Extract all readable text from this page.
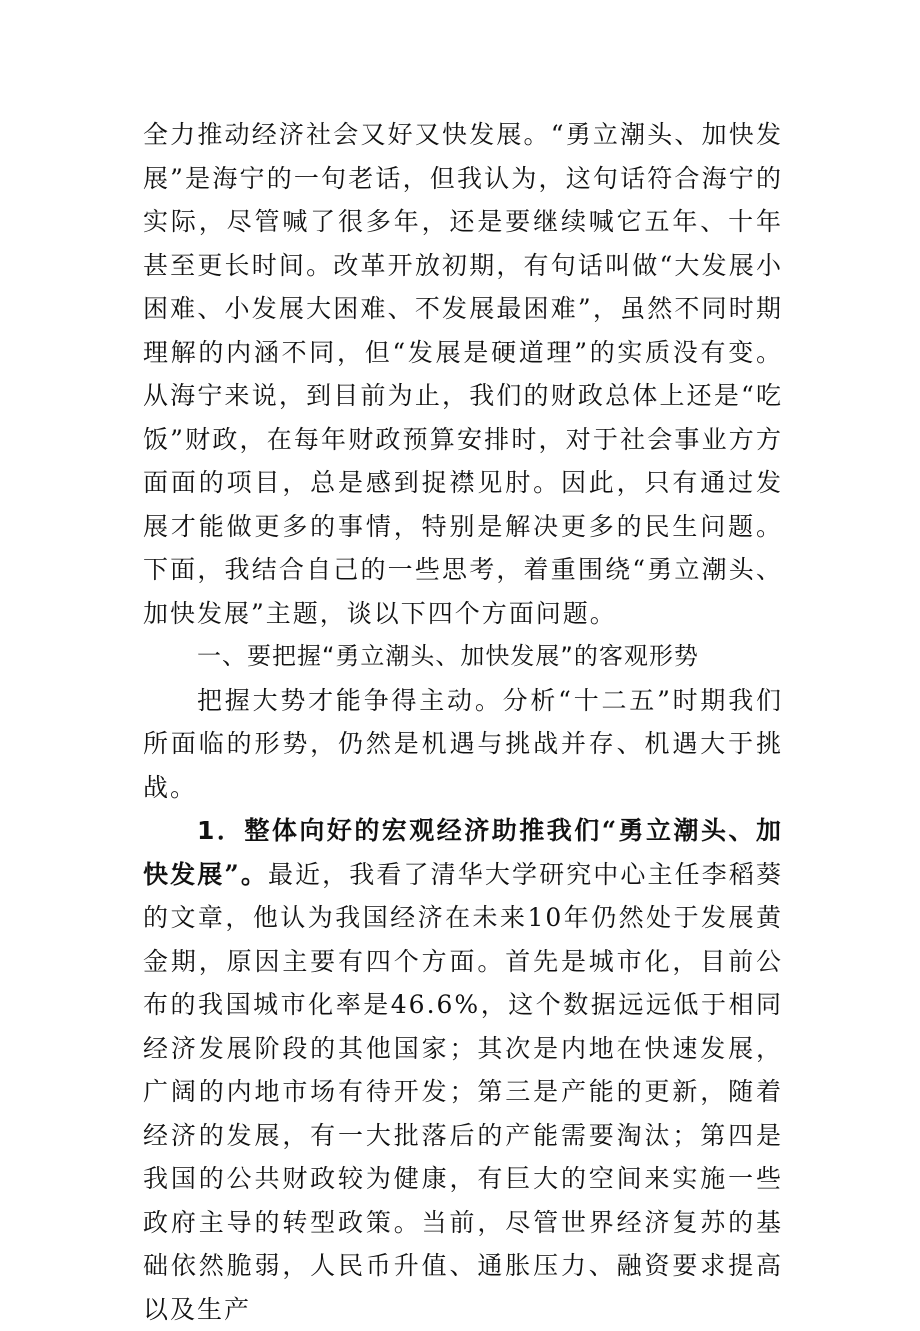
全力推动经济社会又好又快发展。“勇立潮头、加快发展”是海宁的一句老话，但我认为，这句话符合海宁的实际，尽管喊了很多年，还是要继续喊它五年、十年甚至更长时间。改革开放初期，有句话叫做“大发展小困难、小发展大困难、不发展最困难”，虽然不同时期理解的内涵不同，但“发展是硬道理”的实质没有变。从海宁来说，到目前为止，我们的财政总体上还是“吃饭”财政，在每年财政预算安排时，对于社会事业方方面面的项目，总是感到捉襟见肘。因此，只有通过发展才能做更多的事情，特别是解决更多的民生问题。下面，我结合自己的一些思考，着重围绕“勇立潮头、加快发展”主题，谈以下四个方面问题。

一、要把握“勇立潮头、加快发展”的客观形势

把握大势才能争得主动。分析“十二五”时期我们所面临的形势，仍然是机遇与挑战并存、机遇大于挑战。

1．整体向好的宏观经济助推我们“勇立潮头、加快发展”。最近，我看了清华大学研究中心主任李稻葵的文章，他认为我国经济在未来10年仍然处于发展黄金期，原因主要有四个方面。首先是城市化，目前公布的我国城市化率是46.6%，这个数据远远低于相同经济发展阶段的其他国家；其次是内地在快速发展，广阔的内地市场有待开发；第三是产能的更新，随着经济的发展，有一大批落后的产能需要淘汰；第四是我国的公共财政较为健康，有巨大的空间来实施一些政府主导的转型政策。当前，尽管世界经济复苏的基础依然脆弱，人民币升值、通胀压力、融资要求提高以及生产
